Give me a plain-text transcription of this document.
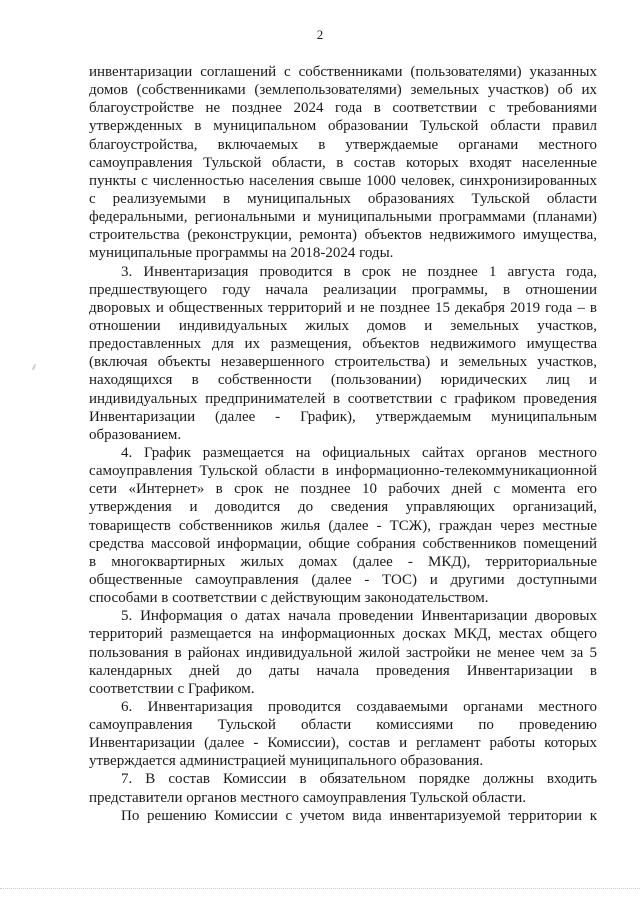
2
инвентаризации соглашений с собственниками (пользователями) указанных
домов (собственниками (землепользователями) земельных участков) об их
благоустройстве не позднее 2024 года в соответствии с требованиями
утвержденных в муниципальном образовании Тульской области правил
благоустройства, включаемых в утверждаемые органами местного
самоуправления Тульской области, в состав которых входят населенные
пункты с численностью населения свыше 1000 человек, синхронизированных
с реализуемыми в муниципальных образованиях Тульской области
федеральными, региональными и муниципальными программами (планами)
строительства (реконструкции, ремонта) объектов недвижимого имущества,
муниципальные программы на 2018-2024 годы.
3. Инвентаризация проводится в срок не позднее 1 августа года,
предшествующего году начала реализации программы, в отношении
дворовых и общественных территорий и не позднее 15 декабря 2019 года – в
отношении индивидуальных жилых домов и земельных участков,
предоставленных для их размещения, объектов недвижимого имущества
(включая объекты незавершенного строительства) и земельных участков,
находящихся в собственности (пользовании) юридических лиц и
индивидуальных предпринимателей в соответствии с графиком проведения
Инвентаризации (далее - График), утверждаемым муниципальным
образованием.
4. График размещается на официальных сайтах органов местного
самоуправления Тульской области в информационно-телекоммуникационной
сети «Интернет» в срок не позднее 10 рабочих дней с момента его
утверждения и доводится до сведения управляющих организаций,
товариществ собственников жилья (далее - ТСЖ), граждан через местные
средства массовой информации, общие собрания собственников помещений
в многоквартирных жилых домах (далее - МКД), территориальные
общественные самоуправления (далее - ТОС) и другими доступными
способами в соответствии с действующим законодательством.
5. Информация о датах начала проведении Инвентаризации дворовых
территорий размещается на информационных досках МКД, местах общего
пользования в районах индивидуальной жилой застройки не менее чем за 5
календарных дней до даты начала проведения Инвентаризации в
соответствии с Графиком.
6. Инвентаризация проводится создаваемыми органами местного
самоуправления Тульской области комиссиями по проведению
Инвентаризации (далее - Комиссии), состав и регламент работы которых
утверждается администрацией муниципального образования.
7. В состав Комиссии в обязательном порядке должны входить
представители органов местного самоуправления Тульской области.
По решению Комиссии с учетом вида инвентаризуемой территории к
